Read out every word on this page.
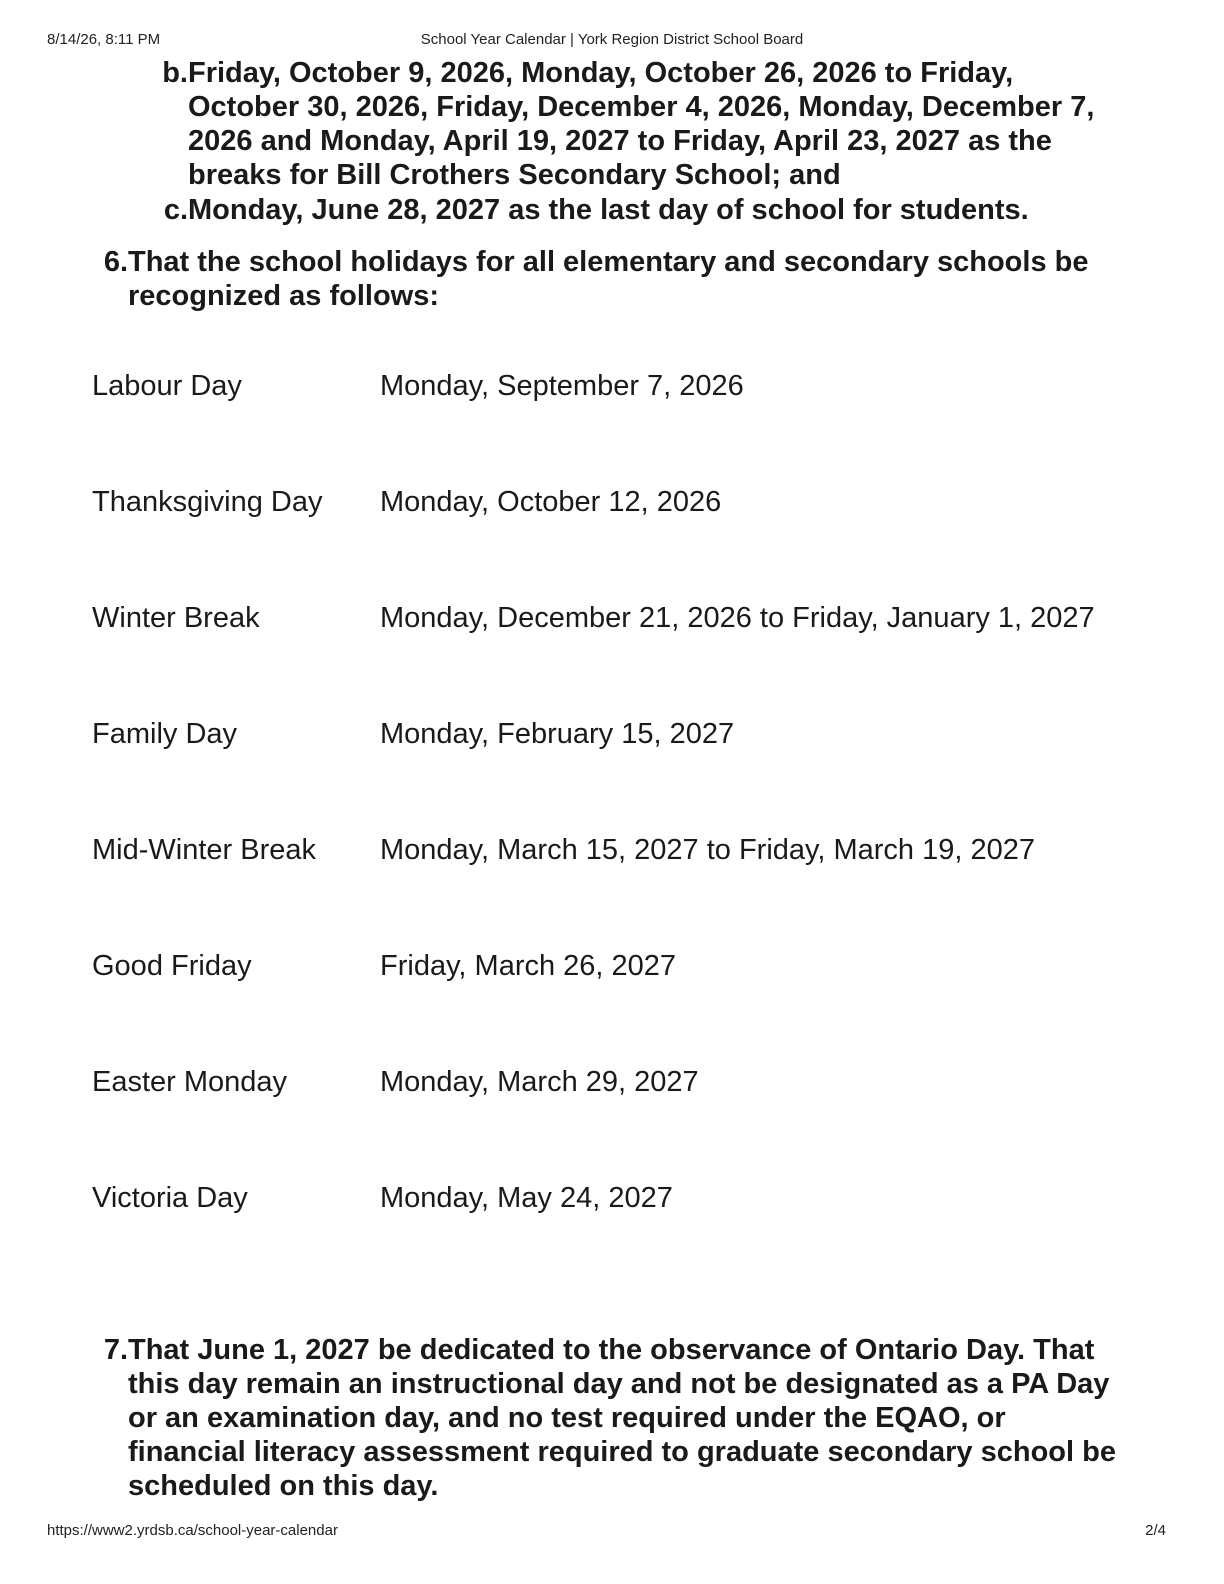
8/14/26, 8:11 PM	School Year Calendar | York Region District School Board
b. Friday, October 9, 2026, Monday, October 26, 2026 to Friday,
October 30, 2026, Friday, December 4, 2026, Monday, December 7,
2026 and Monday, April 19, 2027 to Friday, April 23, 2027 as the
breaks for Bill Crothers Secondary School; and
c. Monday, June 28, 2027 as the last day of school for students.
6. That the school holidays for all elementary and secondary schools be
recognized as follows:
Labour Day	Monday, September 7, 2026
Thanksgiving Day Monday, October 12, 2026
Winter Break	Monday, December 21, 2026 to Friday, January 1, 2027
Family Day	Monday, February 15, 2027
Mid-Winter Break Monday, March 15, 2027 to Friday, March 19, 2027
Good Friday	Friday, March 26, 2027
Easter Monday	Monday, March 29, 2027
Victoria Day	Monday, May 24, 2027
7. That June 1, 2027 be dedicated to the observance of Ontario Day. That
this day remain an instructional day and not be designated as a PA Day
or an examination day, and no test required under the EQAO, or
financial literacy assessment required to graduate secondary school be
scheduled on this day.
https://www2.yrdsb.ca/school-year-calendar	2/4
